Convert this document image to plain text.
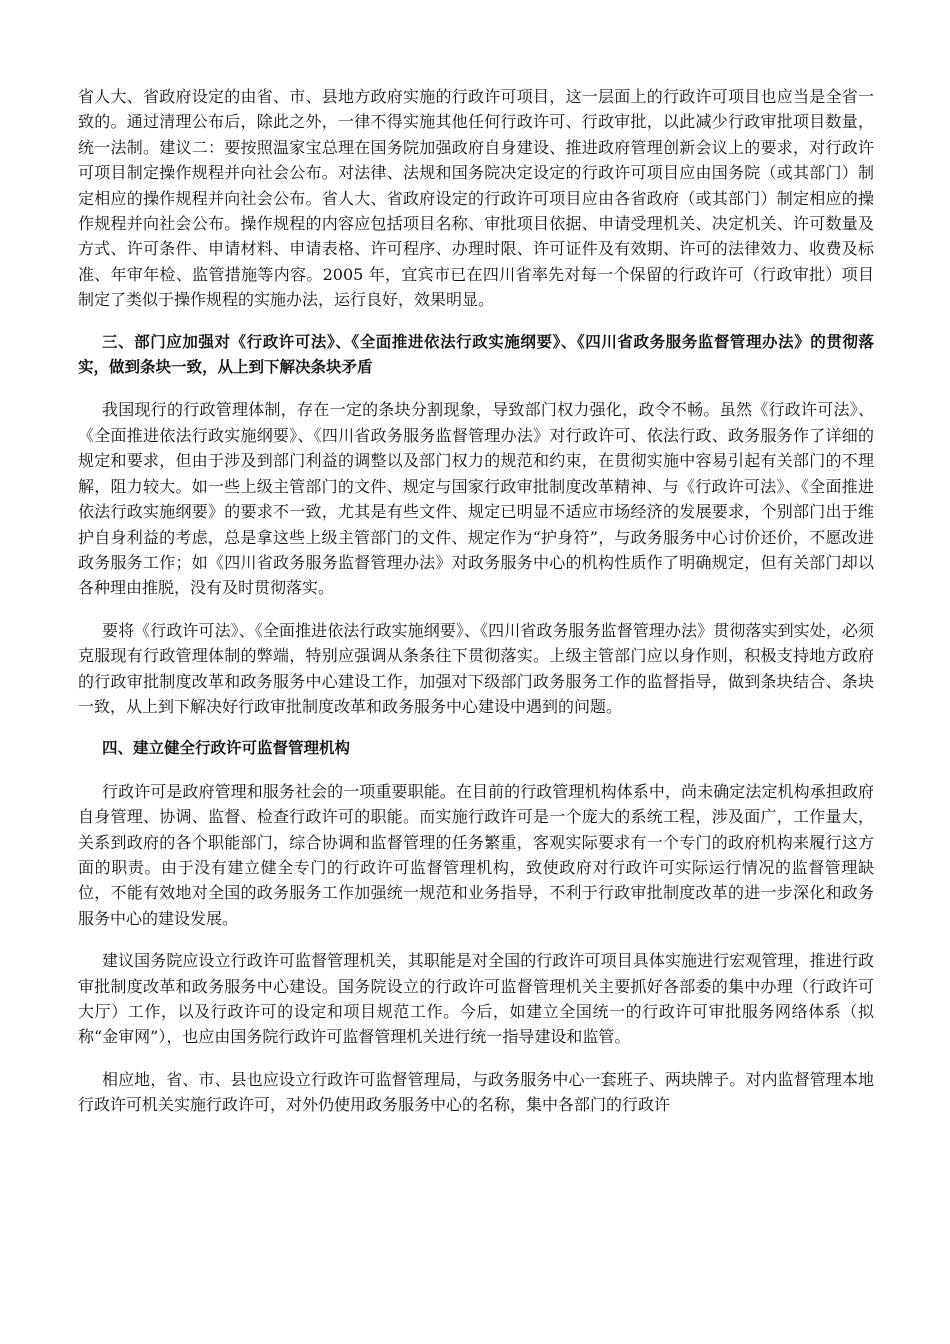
省人大、省政府设定的由省、市、县地方政府实施的行政许可项目，这一层面上的行政许可项目也应当是全省一致的。通过清理公布后，除此之外，一律不得实施其他任何行政许可、行政审批，以此减少行政审批项目数量，统一法制。建议二：要按照温家宝总理在国务院加强政府自身建设、推进政府管理创新会议上的要求，对行政许可项目制定操作规程并向社会公布。对法律、法规和国务院决定设定的行政许可项目应由国务院（或其部门）制定相应的操作规程并向社会公布。省人大、省政府设定的行政许可项目应由各省政府（或其部门）制定相应的操作规程并向社会公布。操作规程的内容应包括项目名称、审批项目依据、申请受理机关、决定机关、许可数量及方式、许可条件、申请材料、申请表格、许可程序、办理时限、许可证件及有效期、许可的法律效力、收费及标准、年审年检、监管措施等内容。2005 年，宜宾市已在四川省率先对每一个保留的行政许可（行政审批）项目制定了类似于操作规程的实施办法，运行良好，效果明显。

三、部门应加强对《行政许可法》、《全面推进依法行政实施纲要》、《四川省政务服务监督管理办法》的贯彻落实，做到条块一致，从上到下解决条块矛盾

我国现行的行政管理体制，存在一定的条块分割现象，导致部门权力强化，政令不畅。虽然《行政许可法》、《全面推进依法行政实施纲要》、《四川省政务服务监督管理办法》对行政许可、依法行政、政务服务作了详细的规定和要求，但由于涉及到部门利益的调整以及部门权力的规范和约束，在贯彻实施中容易引起有关部门的不理解，阻力较大。如一些上级主管部门的文件、规定与国家行政审批制度改革精神、与《行政许可法》、《全面推进依法行政实施纲要》的要求不一致，尤其是有些文件、规定已明显不适应市场经济的发展要求，个别部门出于维护自身利益的考虑，总是拿这些上级主管部门的文件、规定作为“护身符”，与政务服务中心讨价还价，不愿改进政务服务工作；如《四川省政务服务监督管理办法》对政务服务中心的机构性质作了明确规定，但有关部门却以各种理由推脱，没有及时贯彻落实。

要将《行政许可法》、《全面推进依法行政实施纲要》、《四川省政务服务监督管理办法》贯彻落实到实处，必须克服现有行政管理体制的弊端，特别应强调从条条往下贯彻落实。上级主管部门应以身作则，积极支持地方政府的行政审批制度改革和政务服务中心建设工作，加强对下级部门政务服务工作的监督指导，做到条块结合、条块一致，从上到下解决好行政审批制度改革和政务服务中心建设中遇到的问题。

四、建立健全行政许可监督管理机构

行政许可是政府管理和服务社会的一项重要职能。在目前的行政管理机构体系中，尚未确定法定机构承担政府自身管理、协调、监督、检查行政许可的职能。而实施行政许可是一个庞大的系统工程，涉及面广，工作量大，关系到政府的各个职能部门，综合协调和监督管理的任务繁重，客观实际要求有一个专门的政府机构来履行这方面的职责。由于没有建立健全专门的行政许可监督管理机构，致使政府对行政许可实际运行情况的监督管理缺位，不能有效地对全国的政务服务工作加强统一规范和业务指导，不利于行政审批制度改革的进一步深化和政务服务中心的建设发展。

建议国务院应设立行政许可监督管理机关，其职能是对全国的行政许可项目具体实施进行宏观管理，推进行政审批制度改革和政务服务中心建设。国务院设立的行政许可监督管理机关主要抓好各部委的集中办理（行政许可大厅）工作，以及行政许可的设定和项目规范工作。今后，如建立全国统一的行政许可审批服务网络体系（拟称“金审网”），也应由国务院行政许可监督管理机关进行统一指导建设和监管。

相应地，省、市、县也应设立行政许可监督管理局，与政务服务中心一套班子、两块牌子。对内监督管理本地行政许可机关实施行政许可，对外仍使用政务服务中心的名称，集中各部门的行政许
